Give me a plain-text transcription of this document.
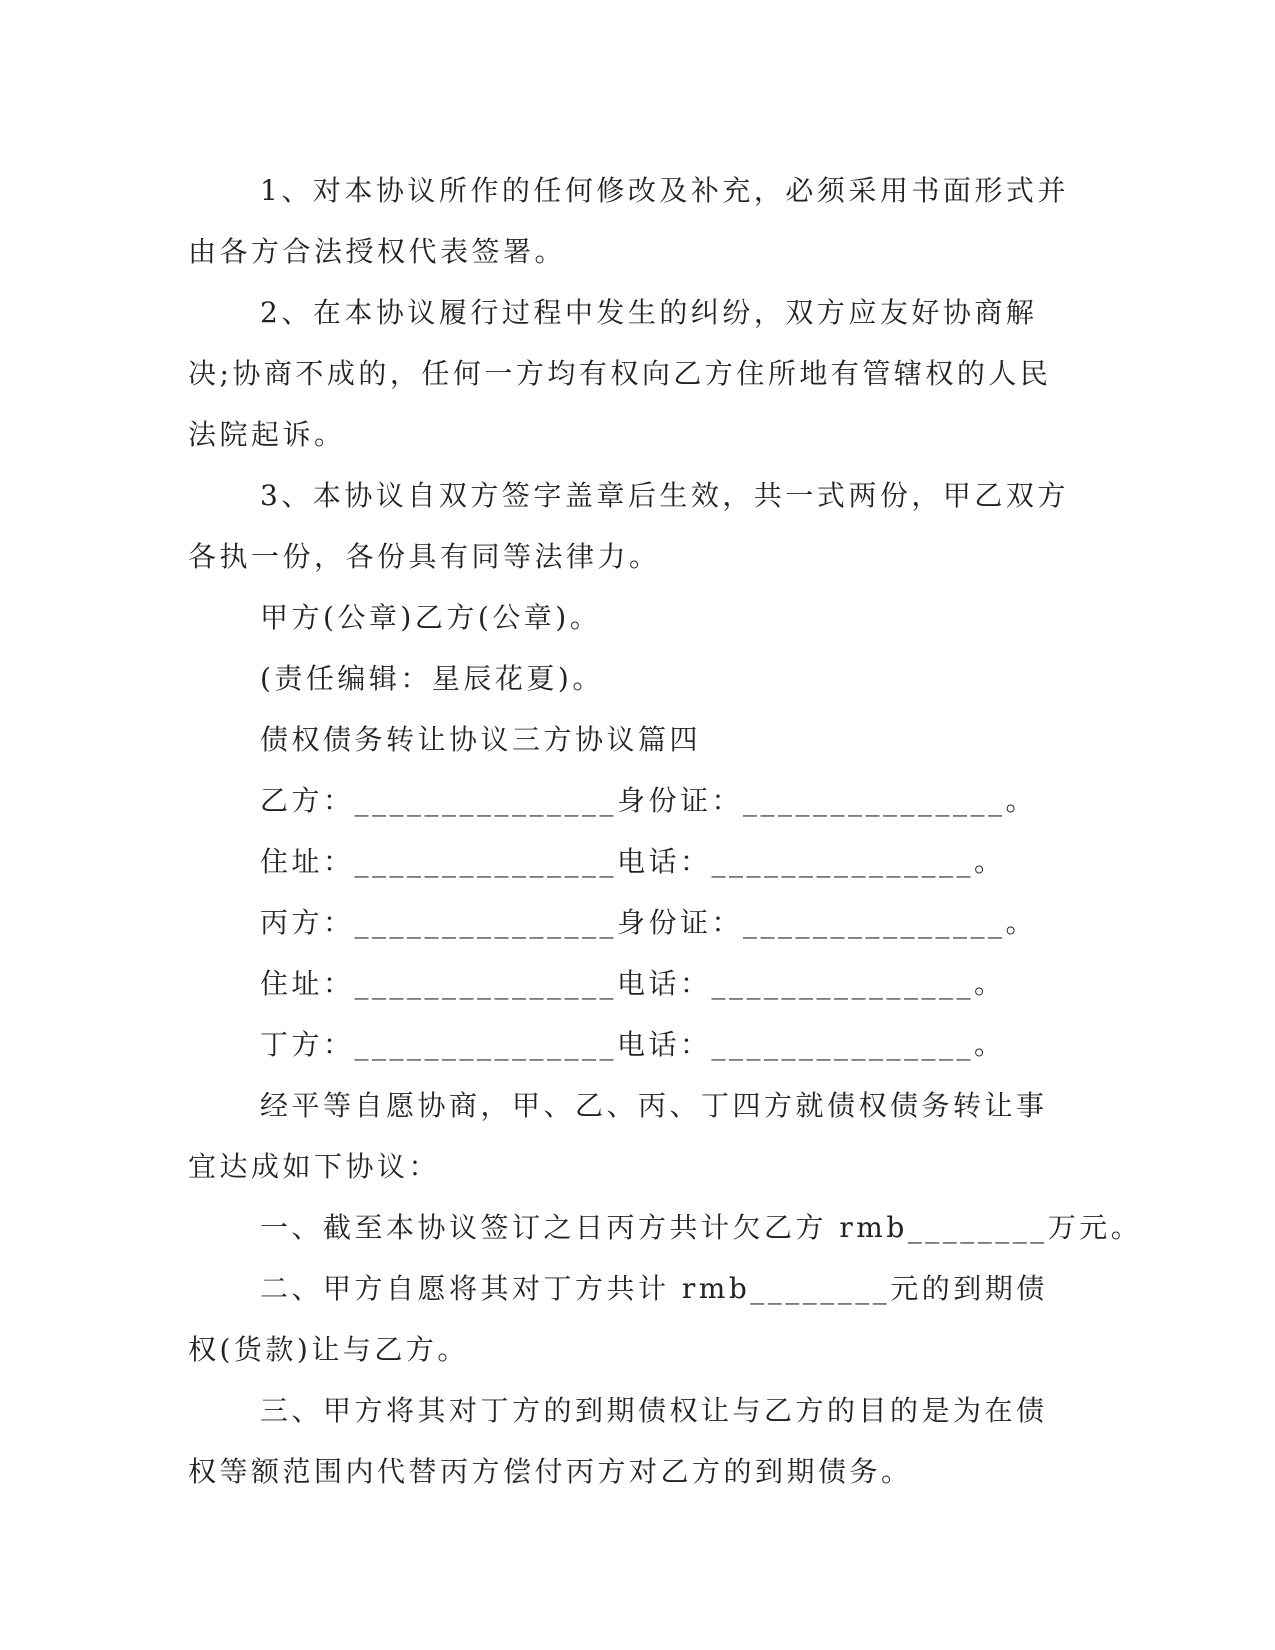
1、对本协议所作的任何修改及补充，必须采用书面形式并由各方合法授权代表签署。
2、在本协议履行过程中发生的纠纷，双方应友好协商解决;协商不成的，任何一方均有权向乙方住所地有管辖权的人民法院起诉。
3、本协议自双方签字盖章后生效，共一式两份，甲乙双方各执一份，各份具有同等法律力。
甲方(公章)乙方(公章)。
(责任编辑：星辰花夏)。
债权债务转让协议三方协议篇四
乙方：_______________身份证：_______________。
住址：_______________电话：_______________。
丙方：_______________身份证：_______________。
住址：_______________电话：_______________。
丁方：_______________电话：_______________。
经平等自愿协商，甲、乙、丙、丁四方就债权债务转让事宜达成如下协议：
一、截至本协议签订之日丙方共计欠乙方 rmb________万元。
二、甲方自愿将其对丁方共计 rmb________元的到期债权(货款)让与乙方。
三、甲方将其对丁方的到期债权让与乙方的目的是为在债权等额范围内代替丙方偿付丙方对乙方的到期债务。
